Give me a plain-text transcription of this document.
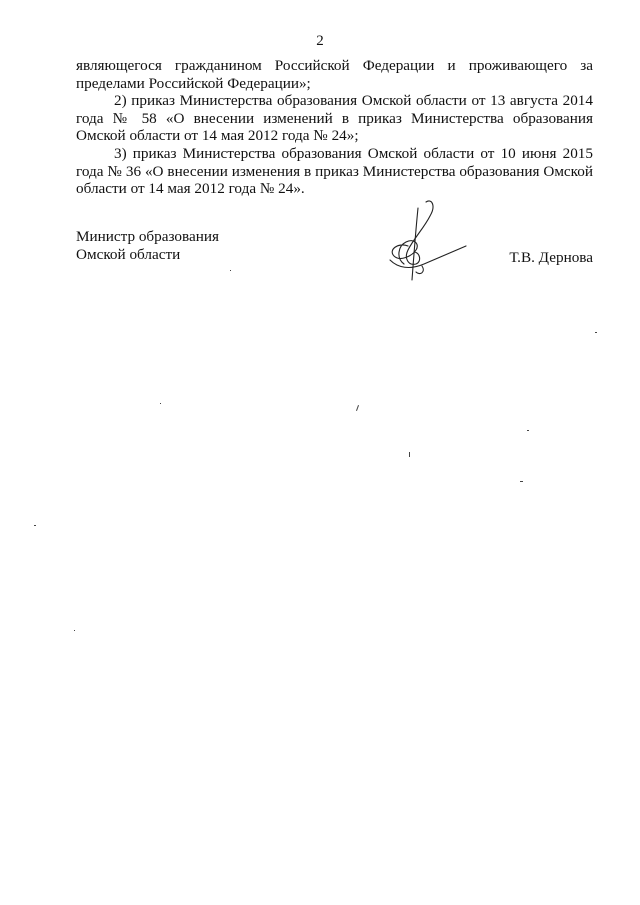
2

являющегося гражданином Российской Федерации и проживающего за пределами Российской Федерации»;

2) приказ Министерства образования Омской области от 13 августа 2014 года № 58 «О внесении изменений в приказ Министерства образования Омской области от 14 мая 2012 года № 24»;

3) приказ Министерства образования Омской области от 10 июня 2015 года № 36 «О внесении изменения в приказ Министерства образования Омской области от 14 мая 2012 года № 24».

Министр образования
Омской области	Т.В. Дернова
